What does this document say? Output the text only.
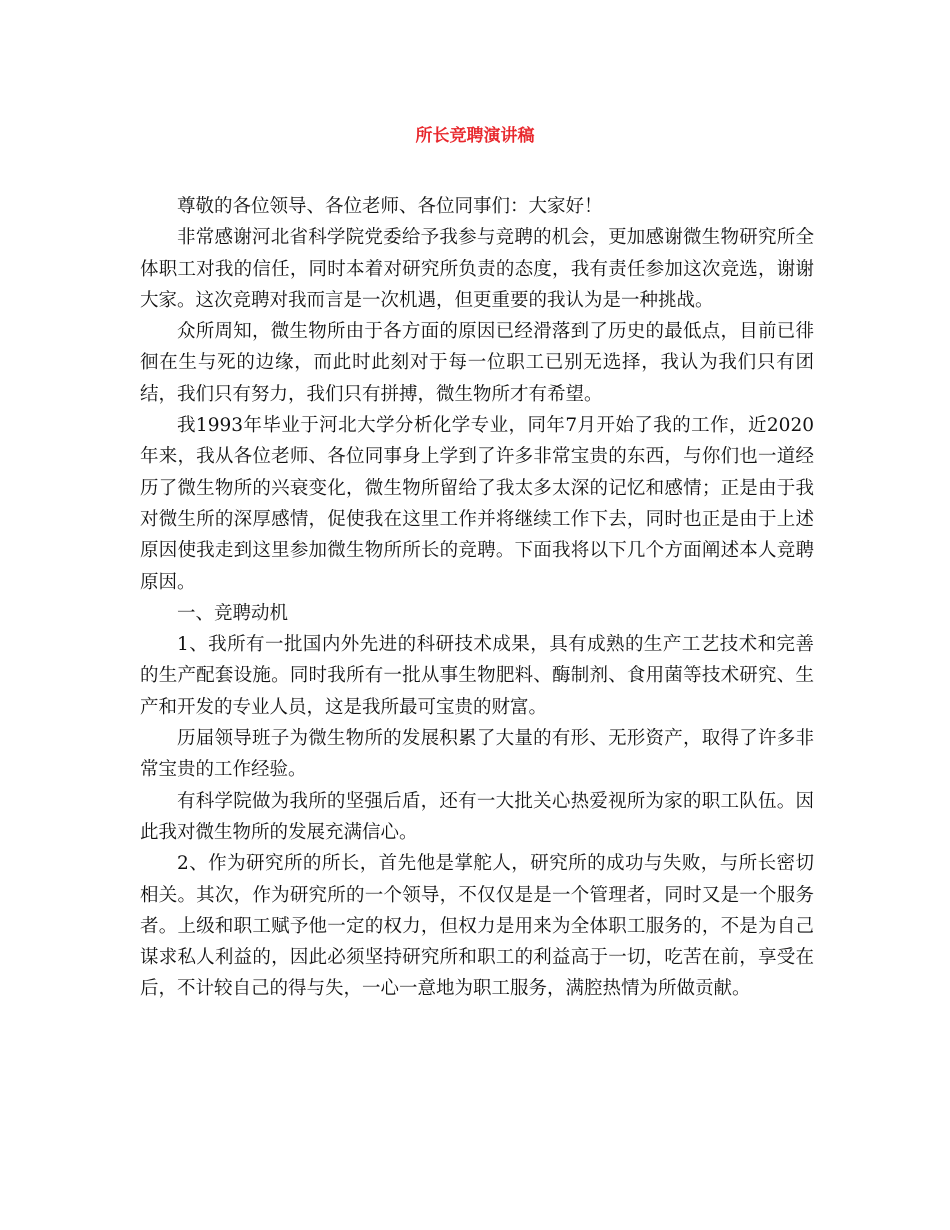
所长竞聘演讲稿

尊敬的各位领导、各位老师、各位同事们：大家好！

非常感谢河北省科学院党委给予我参与竞聘的机会，更加感谢微生物研究所全体职工对我的信任，同时本着对研究所负责的态度，我有责任参加这次竞选，谢谢大家。这次竞聘对我而言是一次机遇，但更重要的我认为是一种挑战。

众所周知，微生物所由于各方面的原因已经滑落到了历史的最低点，目前已徘徊在生与死的边缘，而此时此刻对于每一位职工已别无选择，我认为我们只有团结，我们只有努力，我们只有拼搏，微生物所才有希望。

我1993年毕业于河北大学分析化学专业，同年7月开始了我的工作，近2020年来，我从各位老师、各位同事身上学到了许多非常宝贵的东西，与你们也一道经历了微生物所的兴衰变化，微生物所留给了我太多太深的记忆和感情；正是由于我对微生所的深厚感情，促使我在这里工作并将继续工作下去，同时也正是由于上述原因使我走到这里参加微生物所所长的竞聘。下面我将以下几个方面阐述本人竞聘原因。

一、竞聘动机

1、我所有一批国内外先进的科研技术成果，具有成熟的生产工艺技术和完善的生产配套设施。同时我所有一批从事生物肥料、酶制剂、食用菌等技术研究、生产和开发的专业人员，这是我所最可宝贵的财富。

历届领导班子为微生物所的发展积累了大量的有形、无形资产，取得了许多非常宝贵的工作经验。

有科学院做为我所的坚强后盾，还有一大批关心热爱视所为家的职工队伍。因此我对微生物所的发展充满信心。

2、作为研究所的所长，首先他是掌舵人，研究所的成功与失败，与所长密切相关。其次，作为研究所的一个领导，不仅仅是是一个管理者，同时又是一个服务者。上级和职工赋予他一定的权力，但权力是用来为全体职工服务的，不是为自己谋求私人利益的，因此必须坚持研究所和职工的利益高于一切，吃苦在前，享受在后，不计较自己的得与失，一心一意地为职工服务，满腔热情为所做贡献。
